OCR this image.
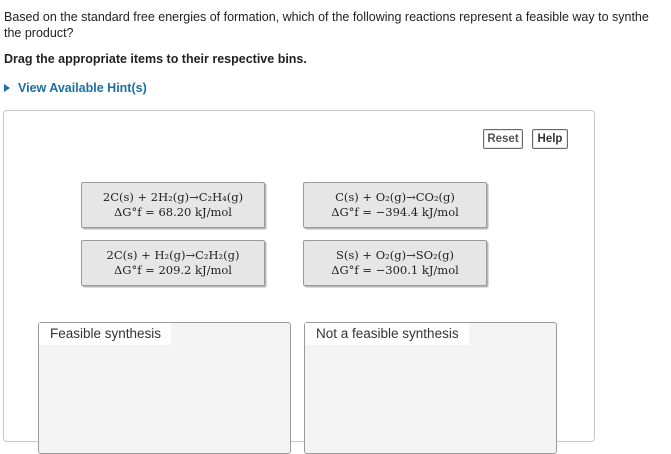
Based on the standard free energies of formation, which of the following reactions represent a feasible way to synthe
the product?
Drag the appropriate items to their respective bins.
View Available Hint(s)
Reset	Help
2C(s) + 2H₂(g)→C₂H₄(g)
ΔG°f = 68.20 kJ/mol
C(s) + O₂(g)→CO₂(g)
ΔG°f = −394.4 kJ/mol
2C(s) + H₂(g)→C₂H₂(g)
ΔG°f = 209.2 kJ/mol
S(s) + O₂(g)→SO₂(g)
ΔG°f = −300.1 kJ/mol
Feasible synthesis	Not a feasible synthesis
